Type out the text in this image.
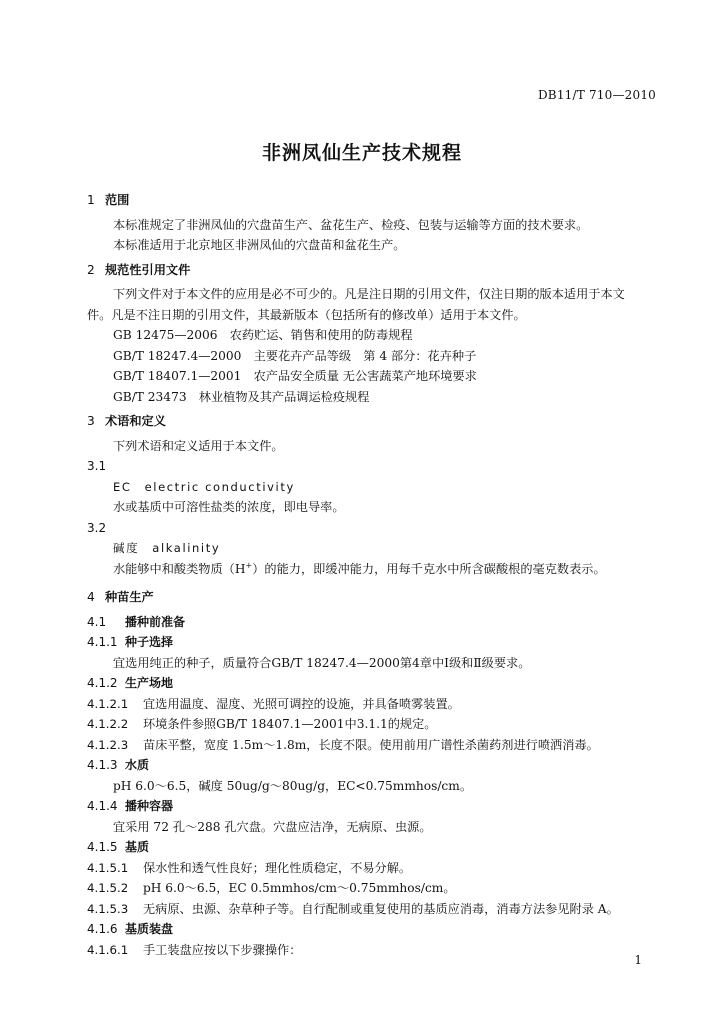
DB11/T 710—2010
非洲凤仙生产技术规程
1 范围
本标准规定了非洲凤仙的穴盘苗生产、盆花生产、检疫、包装与运输等方面的技术要求。
本标准适用于北京地区非洲凤仙的穴盘苗和盆花生产。
2 规范性引用文件
下列文件对于本文件的应用是必不可少的。凡是注日期的引用文件，仅注日期的版本适用于本文
件。凡是不注日期的引用文件，其最新版本（包括所有的修改单）适用于本文件。
GB 12475—2006　农药贮运、销售和使用的防毒规程
GB/T 18247.4—2000　主要花卉产品等级　第 4 部分：花卉种子
GB/T 18407.1—2001　农产品安全质量 无公害蔬菜产地环境要求
GB/T 23473　林业植物及其产品调运检疫规程
3 术语和定义
下列术语和定义适用于本文件。
3.1
EC　electric conductivity
水或基质中可溶性盐类的浓度，即电导率。
3.2
碱度　alkalinity
水能够中和酸类物质（H+）的能力，即缓冲能力，用每千克水中所含碳酸根的毫克数表示。
4 种苗生产
4.1 播种前准备
4.1.1 种子选择
宜选用纯正的种子，质量符合GB/T 18247.4—2000第4章中Ⅰ级和Ⅱ级要求。
4.1.2 生产场地
4.1.2.1 宜选用温度、湿度、光照可调控的设施，并具备喷雾装置。
4.1.2.2 环境条件参照GB/T 18407.1—2001中3.1.1的规定。
4.1.2.3 苗床平整，宽度 1.5m～1.8m，长度不限。使用前用广谱性杀菌药剂进行喷洒消毒。
4.1.3 水质
pH 6.0～6.5，碱度 50ug/g～80ug/g，EC<0.75mmhos/cm。
4.1.4 播种容器
宜采用 72 孔～288 孔穴盘。穴盘应洁净，无病原、虫源。
4.1.5 基质
4.1.5.1 保水性和透气性良好；理化性质稳定，不易分解。
4.1.5.2 pH 6.0～6.5，EC 0.5mmhos/cm～0.75mmhos/cm。
4.1.5.3 无病原、虫源、杂草种子等。自行配制或重复使用的基质应消毒，消毒方法参见附录 A。
4.1.6 基质装盘
4.1.6.1 手工装盘应按以下步骤操作：
1
